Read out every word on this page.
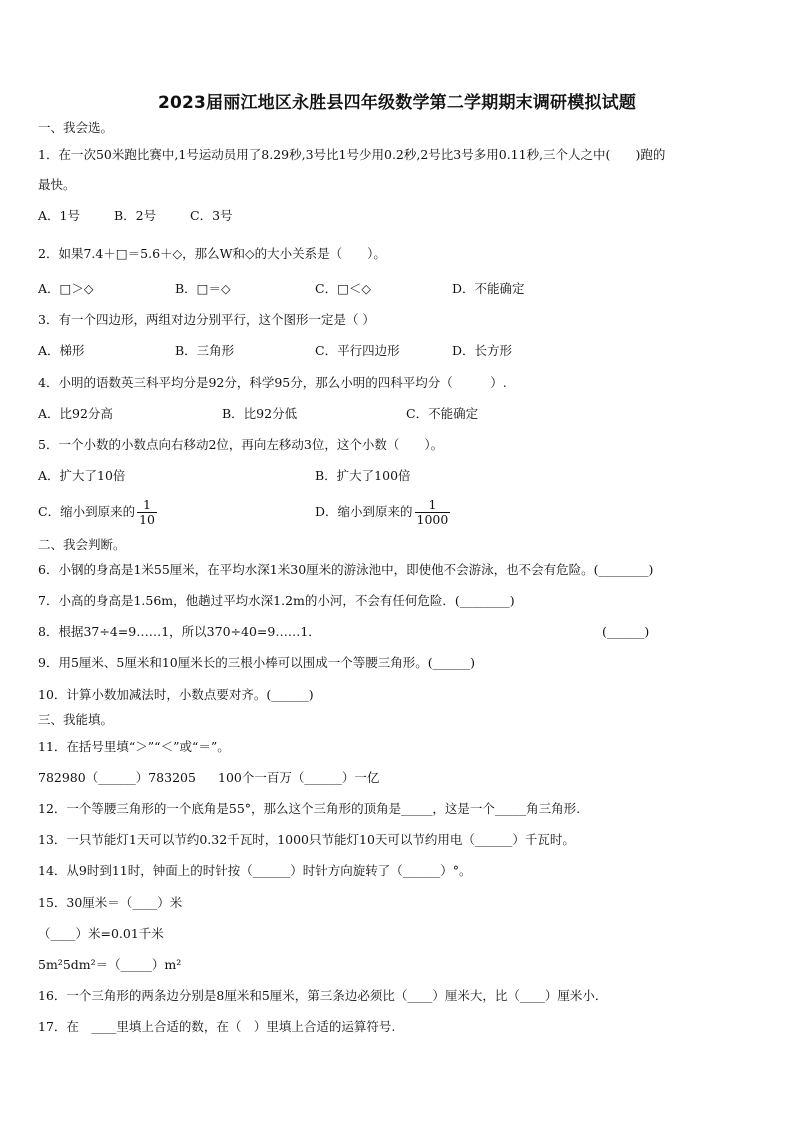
2023届丽江地区永胜县四年级数学第二学期期末调研模拟试题
一、我会选。
1．在一次50米跑比赛中,1号运动员用了8.29秒,3号比1号少用0.2秒,2号比3号多用0.11秒,三个人之中(　　)跑的
最快。
A．1号	B．2号	C．3号
2．如果7.4＋□＝5.6＋◇，那么W和◇的大小关系是（　　）。
A．□＞◇	B．□＝◇	C．□＜◇	D．不能确定
3．有一个四边形，两组对边分别平行，这个图形一定是（ ）
A．梯形	B．三角形	C．平行四边形	D．长方形
4．小明的语数英三科平均分是92分，科学95分，那么小明的四科平均分（　　　）.
A．比92分高	B．比92分低	C．不能确定
5．一个小数的小数点向右移动2位，再向左移动3位，这个小数（　　）。
A．扩大了10倍	B．扩大了100倍
C．缩小到原来的 $\frac{1}{10}$	D．缩小到原来的 $\frac{1}{1000}$
二、我会判断。
6．小钢的身高是1米55厘米，在平均水深1米30厘米的游泳池中，即使他不会游泳，也不会有危险。(________)
7．小高的身高是1.56m，他趟过平均水深1.2m的小河，不会有任何危险．(________)
8．根据37÷4=9……1，所以370÷40=9……1．	(______)
9．用5厘米、5厘米和10厘米长的三根小棒可以围成一个等腰三角形。(______)
10．计算小数加减法时，小数点要对齐。(______)
三、我能填。
11．在括号里填“＞”“＜”或“＝”。
782980（______）783205 100个一百万（______）一亿
12．一个等腰三角形的一个底角是55°，那么这个三角形的顶角是_____，这是一个_____角三角形.
13．一只节能灯1天可以节约0.32千瓦时，1000只节能灯10天可以节约用电（______）千瓦时。
14．从9时到11时，钟面上的时针按（______）时针方向旋转了（______）°。
15．30厘米＝（____）米
（____）米=0.01千米
5m²5dm²＝（_____）m²
16．一个三角形的两条边分别是8厘米和5厘米，第三条边必须比（____）厘米大，比（____）厘米小．
17．在　____里填上合适的数，在（　）里填上合适的运算符号.
